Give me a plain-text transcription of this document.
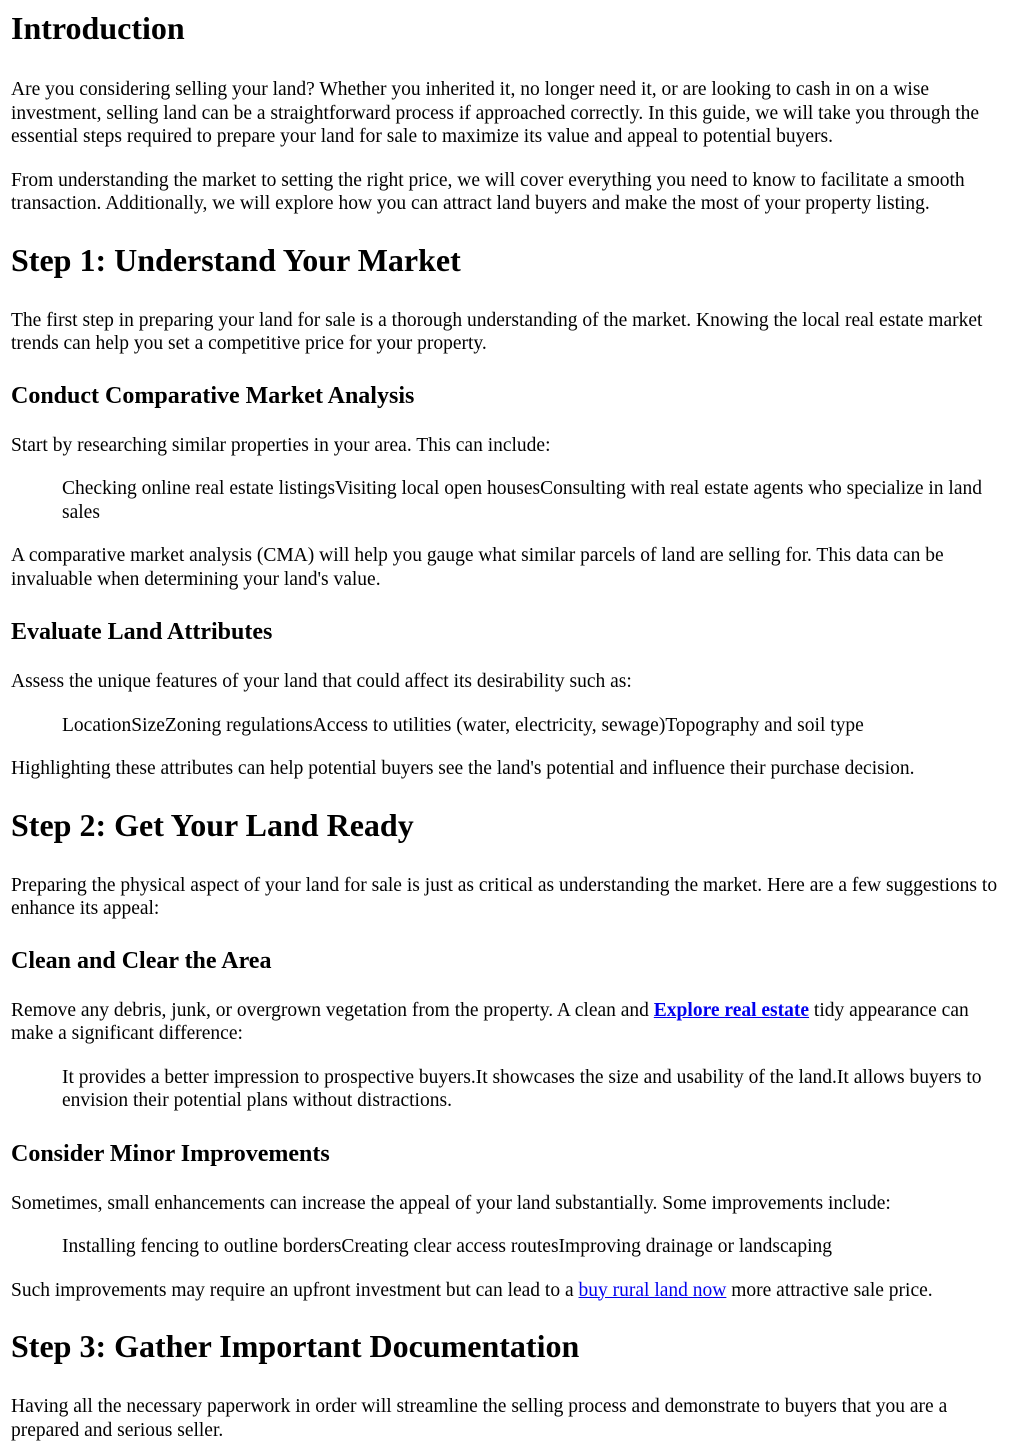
Introduction

Are you considering selling your land? Whether you inherited it, no longer need it, or are looking to cash in on a wise investment, selling land can be a straightforward process if approached correctly. In this guide, we will take you through the essential steps required to prepare your land for sale to maximize its value and appeal to potential buyers.

From understanding the market to setting the right price, we will cover everything you need to know to facilitate a smooth transaction. Additionally, we will explore how you can attract land buyers and make the most of your property listing.

Step 1: Understand Your Market

The first step in preparing your land for sale is a thorough understanding of the market. Knowing the local real estate market trends can help you set a competitive price for your property.

Conduct Comparative Market Analysis

Start by researching similar properties in your area. This can include:

Checking online real estate listingsVisiting local open housesConsulting with real estate agents who specialize in land sales

A comparative market analysis (CMA) will help you gauge what similar parcels of land are selling for. This data can be invaluable when determining your land's value.

Evaluate Land Attributes

Assess the unique features of your land that could affect its desirability such as:

LocationSizeZoning regulationsAccess to utilities (water, electricity, sewage)Topography and soil type

Highlighting these attributes can help potential buyers see the land's potential and influence their purchase decision.

Step 2: Get Your Land Ready

Preparing the physical aspect of your land for sale is just as critical as understanding the market. Here are a few suggestions to enhance its appeal:

Clean and Clear the Area

Remove any debris, junk, or overgrown vegetation from the property. A clean and Explore real estate tidy appearance can make a significant difference:

It provides a better impression to prospective buyers.It showcases the size and usability of the land.It allows buyers to envision their potential plans without distractions.

Consider Minor Improvements

Sometimes, small enhancements can increase the appeal of your land substantially. Some improvements include:

Installing fencing to outline bordersCreating clear access routesImproving drainage or landscaping

Such improvements may require an upfront investment but can lead to a buy rural land now more attractive sale price.

Step 3: Gather Important Documentation

Having all the necessary paperwork in order will streamline the selling process and demonstrate to buyers that you are a prepared and serious seller.
